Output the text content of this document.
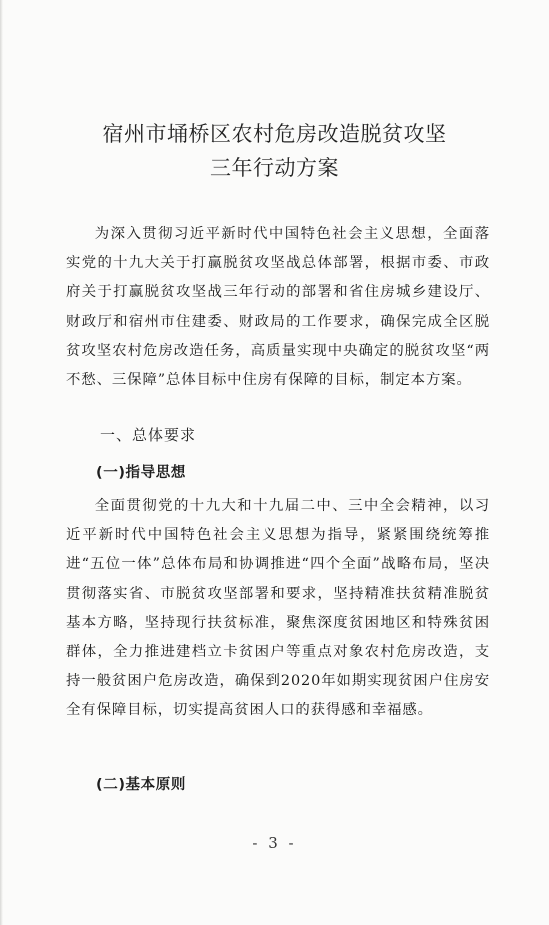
宿州市埇桥区农村危房改造脱贫攻坚
三年行动方案
为深入贯彻习近平新时代中国特色社会主义思想，全面落实党的十九大关于打赢脱贫攻坚战总体部署，根据市委、市政府关于打赢脱贫攻坚战三年行动的部署和省住房城乡建设厅、财政厅和宿州市住建委、财政局的工作要求，确保完成全区脱贫攻坚农村危房改造任务，高质量实现中央确定的脱贫攻坚“两不愁、三保障”总体目标中住房有保障的目标，制定本方案。
一、总体要求
(一)指导思想
全面贯彻党的十九大和十九届二中、三中全会精神，以习近平新时代中国特色社会主义思想为指导，紧紧围绕统筹推进“五位一体”总体布局和协调推进“四个全面”战略布局，坚决贯彻落实省、市脱贫攻坚部署和要求，坚持精准扶贫精准脱贫基本方略，坚持现行扶贫标准，聚焦深度贫困地区和特殊贫困群体，全力推进建档立卡贫困户等重点对象农村危房改造，支持一般贫困户危房改造，确保到2020年如期实现贫困户住房安全有保障目标，切实提高贫困人口的获得感和幸福感。
(二)基本原则
- 3 -
